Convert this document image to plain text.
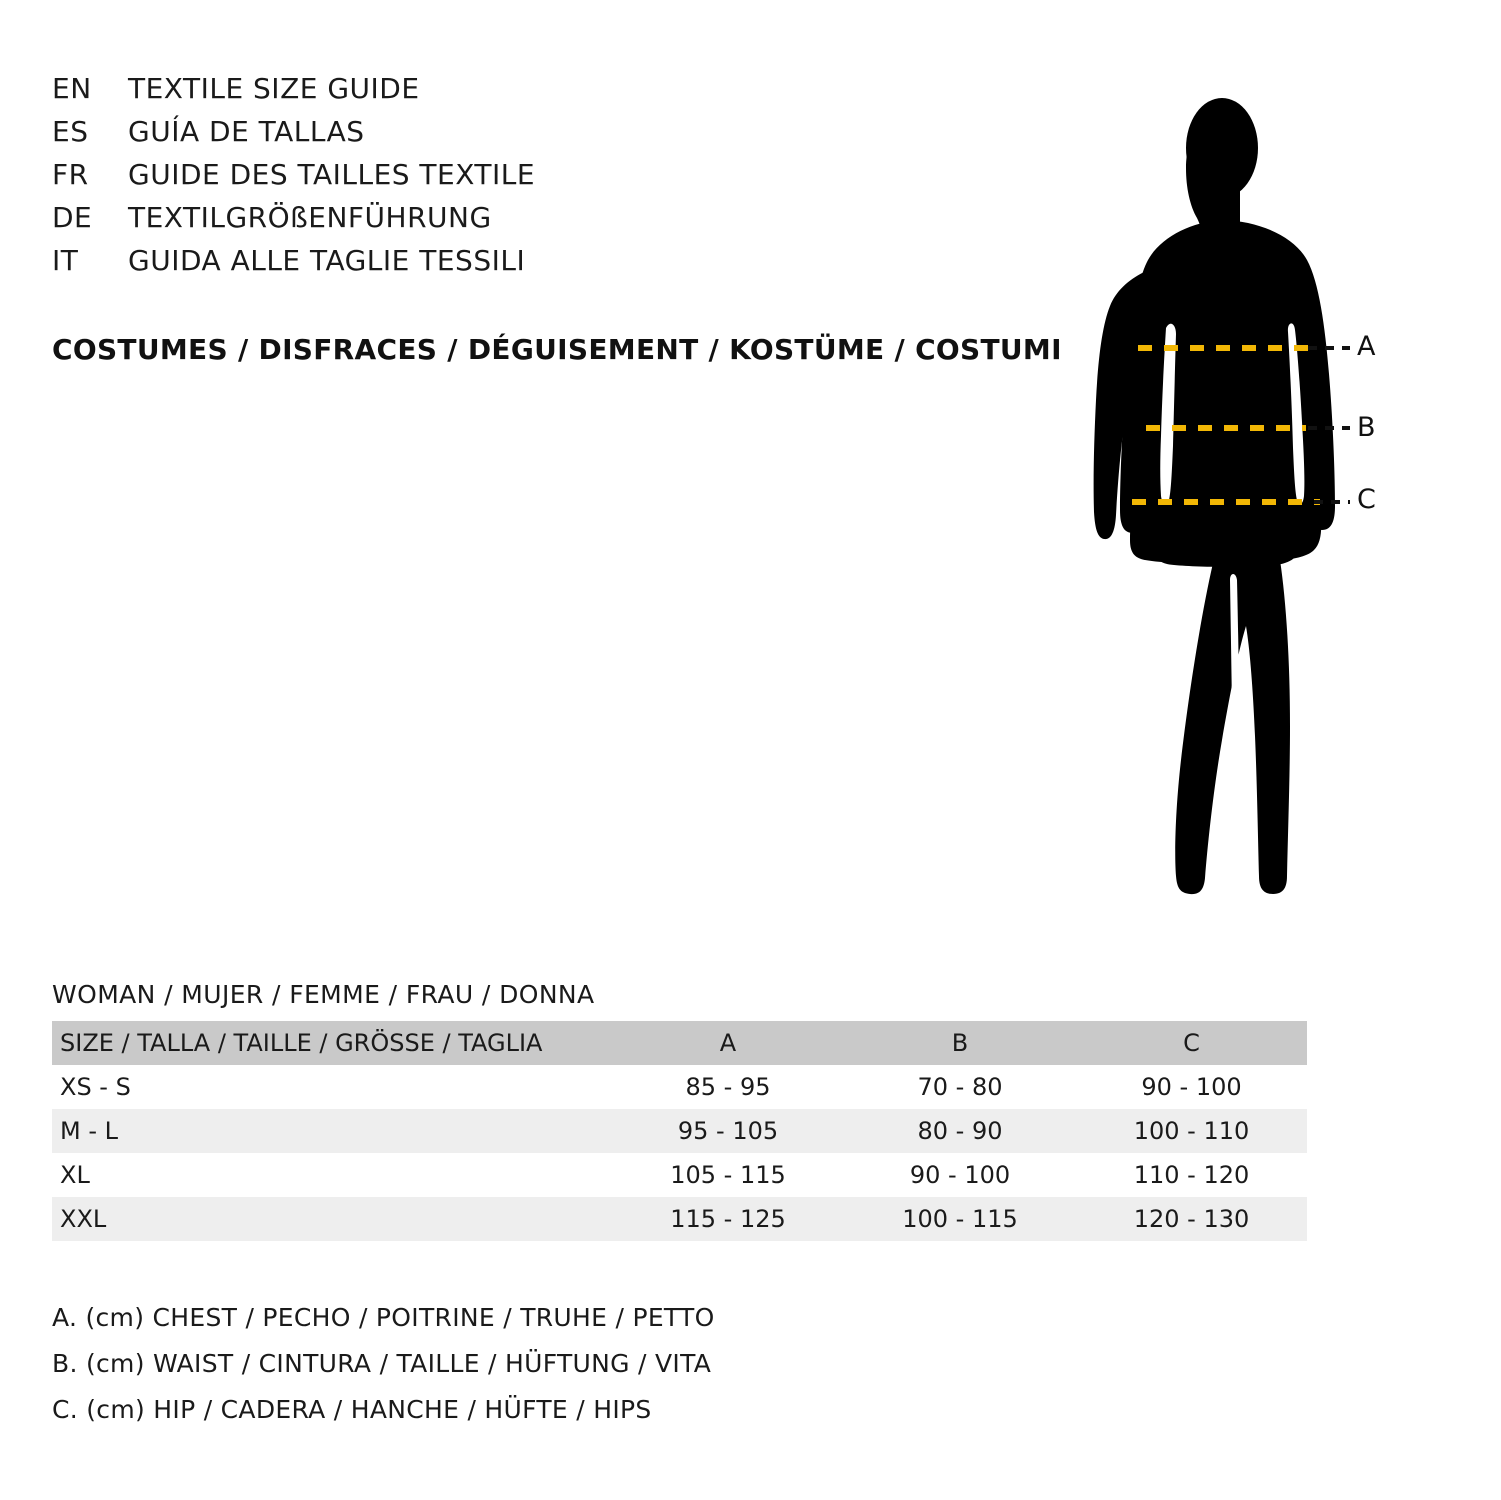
EN	TEXTILE SIZE GUIDE
ES	GUÍA DE TALLAS
FR	GUIDE DES TAILLES TEXTILE
DE	TEXTILGRÖßENFÜHRUNG
IT	GUIDA ALLE TAGLIE TESSILI
COSTUMES / DISFRACES / DÉGUISEMENT / KOSTÜME / COSTUMI	A
B
C
WOMAN / MUJER / FEMME / FRAU / DONNA
SIZE / TALLA / TAILLE / GRÖSSE / TAGLIA	A	B	C
XS - S	85 - 95	70 - 80	90 - 100
M - L	95 - 105	80 - 90	100 - 110
XL	105 - 115	90 - 100	110 - 120
XXL	115 - 125	100 - 115	120 - 130
A. (cm) CHEST / PECHO / POITRINE / TRUHE / PETTO
B. (cm) WAIST / CINTURA / TAILLE / HÜFTUNG / VITA
C. (cm) HIP / CADERA / HANCHE / HÜFTE / HIPS
